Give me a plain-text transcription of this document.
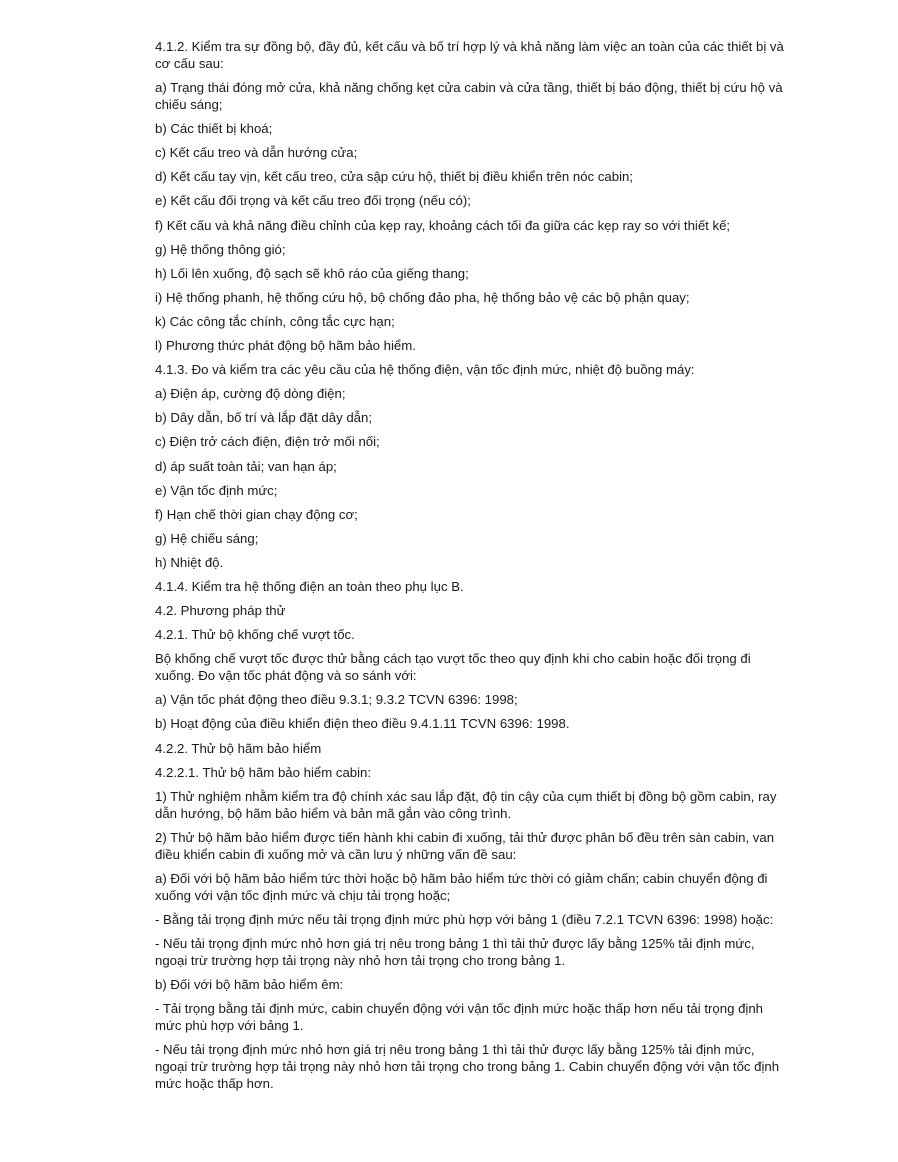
4.1.2. Kiểm tra sự đồng bộ, đầy đủ, kết cấu và bố trí hợp lý và khả năng làm việc an toàn của các thiết bị và cơ cấu sau:

a) Trạng thái đóng mở cửa, khả năng chống kẹt cửa cabin và cửa tầng, thiết bị báo động, thiết bị cứu hộ và chiếu sáng;

b) Các thiết bị khoá;

c) Kết cấu treo và dẫn hướng cửa;

d) Kết cấu tay vịn, kết cấu treo, cửa sập cứu hộ, thiết bị điều khiển trên nóc cabin;

e) Kết cấu đối trọng và kết cấu treo đối trọng (nếu có);

f) Kết cấu và khả năng điều chỉnh của kẹp ray, khoảng cách tối đa giữa các kẹp ray so với thiết kế;

g) Hệ thống thông gió;

h) Lối lên xuống, độ sạch sẽ khô ráo của giếng thang;

i) Hệ thống phanh, hệ thống cứu hộ, bộ chống đảo pha, hệ thống bảo vệ các bộ phận quay;

k) Các công tắc chính, công tắc cực hạn;

l) Phương thức phát động bộ hãm bảo hiểm.

4.1.3. Đo và kiểm tra các yêu cầu của hệ thống điện, vận tốc định mức, nhiệt độ buồng máy:

a) Điện áp, cường độ dòng điện;

b) Dây dẫn, bố trí và lắp đặt dây dẫn;

c) Điện trở cách điện, điện trở mối nối;

d) áp suất toàn tải; van hạn áp;

e) Vận tốc định mức;

f) Hạn chế thời gian chạy động cơ;

g) Hệ chiếu sáng;

h) Nhiệt độ.

4.1.4. Kiểm tra hệ thống điện an toàn theo phụ lục B.

4.2. Phương pháp thử

4.2.1. Thử bộ khống chế vượt tốc.

Bộ khống chế vượt tốc được thử bằng cách tạo vượt tốc theo quy định khi cho cabin hoặc đối trọng đi xuống. Đo vận tốc phát động và so sánh với:

a) Vận tốc phát động theo điều 9.3.1; 9.3.2 TCVN 6396: 1998;

b) Hoạt động của điều khiển điện theo điều 9.4.1.11 TCVN 6396: 1998.

4.2.2. Thử bộ hãm bảo hiểm

4.2.2.1. Thử bộ hãm bảo hiểm cabin:

1) Thử nghiệm nhằm kiểm tra độ chính xác sau lắp đặt, độ tin cậy của cụm thiết bị đồng bộ gồm cabin, ray dẫn hướng, bộ hãm bảo hiểm và bản mã gắn vào công trình.

2) Thử bộ hãm bảo hiểm được tiến hành khi cabin đi xuống, tải thử được phân bố đều trên sàn cabin, van điều khiển cabin đi xuống mở và cần lưu ý những vấn đề sau:

a) Đối với bộ hãm bảo hiểm tức thời hoặc bộ hãm bảo hiểm tức thời có giảm chấn; cabin chuyển động đi xuống với vận tốc định mức và chịu tải trọng hoặc;

- Bằng tải trọng định mức nếu tải trọng định mức phù hợp với bảng 1 (điều 7.2.1 TCVN 6396: 1998) hoặc:

- Nếu tải trọng định mức nhỏ hơn giá trị nêu trong bảng 1 thì tải thử được lấy bằng 125% tải định mức, ngoại trừ trường hợp tải trọng này nhỏ hơn tải trọng cho trong bảng 1.

b) Đối với bộ hãm bảo hiểm êm:

- Tải trọng bằng tải định mức, cabin chuyển động với vận tốc định mức hoặc thấp hơn nếu tải trọng định mức phù hợp với bảng 1.

- Nếu tải trọng định mức nhỏ hơn giá trị nêu trong bảng 1 thì tải thử được lấy bằng 125% tải định mức, ngoại trừ trường hợp tải trọng này nhỏ hơn tải trọng cho trong bảng 1. Cabin chuyển động với vận tốc định mức hoặc thấp hơn.
